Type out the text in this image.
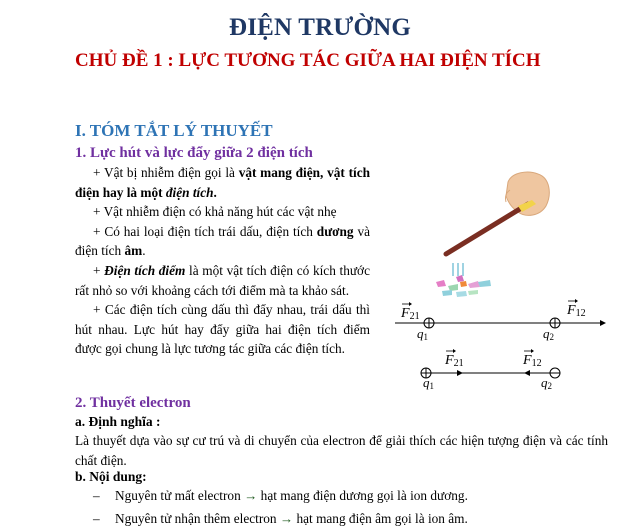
ĐIỆN TRƯỜNG
CHỦ ĐỀ 1 : LỰC TƯƠNG TÁC GIỮA HAI ĐIỆN TÍCH
I. TÓM TẮT LÝ THUYẾT
1. Lực hút và lực đẩy giữa 2 điện tích

+ Vật bị nhiễm điện gọi là vật mang điện, vật tích điện hay là một điện tích.

+ Vật nhiễm điện có khả năng hút các vật nhẹ

+ Có hai loại điện tích trái dấu, điện tích dương và điện tích âm.

+ Điện tích điểm là một vật tích điện có kích thước rất nhỏ so với khoảng cách tới điểm mà ta khảo sát.

+ Các điện tích cùng dấu thì đẩy nhau, trái dấu thì hút nhau. Lực hút hay đẩy giữa hai điện tích điểm được gọi chung là lực tương tác giữa các điện tích.

F21	F12
q1	q2
F21	F12
q1	q2
2. Thuyết electron
a. Định nghĩa :
Là thuyết dựa vào sự cư trú và di chuyển của electron để giải thích các hiện tượng điện và các tính chất điện.
b. Nội dung:
– Nguyên tử mất electron → hạt mang điện dương gọi là ion dương.
– Nguyên tử nhận thêm electron → hạt mang điện âm gọi là ion âm.
